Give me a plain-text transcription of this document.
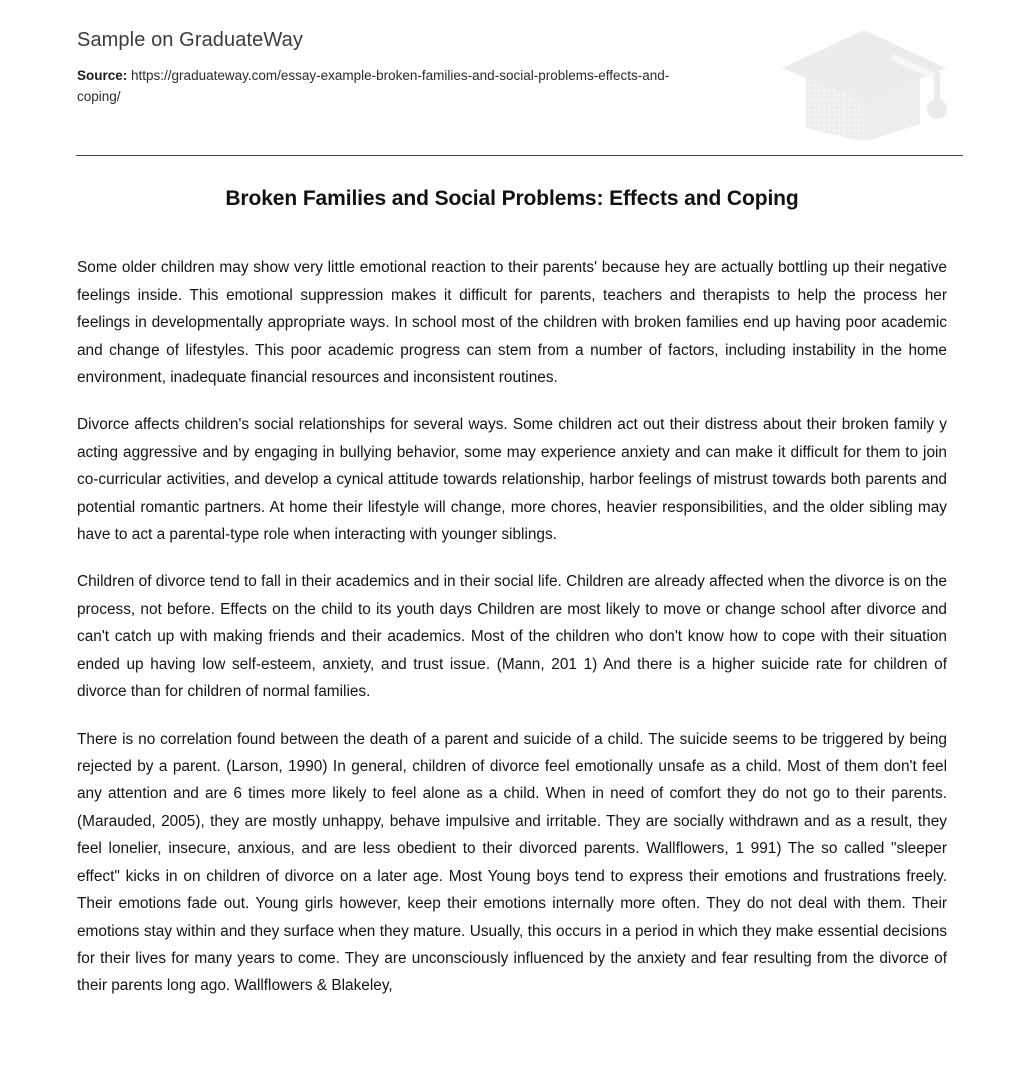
Sample on GraduateWay
Source: https://graduateway.com/essay-example-broken-families-and-social-problems-effects-and-coping/
Broken Families and Social Problems: Effects and Coping

Some older children may show very little emotional reaction to their parents' because hey are actually bottling up their negative feelings inside. This emotional suppression makes it difficult for parents, teachers and therapists to help the process her feelings in developmentally appropriate ways. In school most of the children with broken families end up having poor academic and change of lifestyles. This poor academic progress can stem from a number of factors, including instability in the home environment, inadequate financial resources and inconsistent routines.

Divorce affects children's social relationships for several ways. Some children act out their distress about their broken family y acting aggressive and by engaging in bullying behavior, some may experience anxiety and can make it difficult for them to join co-curricular activities, and develop a cynical attitude towards relationship, harbor feelings of mistrust towards both parents and potential romantic partners. At home their lifestyle will change, more chores, heavier responsibilities, and the older sibling may have to act a parental-type role when interacting with younger siblings.

Children of divorce tend to fall in their academics and in their social life. Children are already affected when the divorce is on the process, not before. Effects on the child to its youth days Children are most likely to move or change school after divorce and can't catch up with making friends and their academics. Most of the children who don't know how to cope with their situation ended up having low self-esteem, anxiety, and trust issue. (Mann, 201 1) And there is a higher suicide rate for children of divorce than for children of normal families.

There is no correlation found between the death of a parent and suicide of a child. The suicide seems to be triggered by being rejected by a parent. (Larson, 1990) In general, children of divorce feel emotionally unsafe as a child. Most of them don't feel any attention and are 6 times more likely to feel alone as a child. When in need of comfort they do not go to their parents. (Marauded, 2005), they are mostly unhappy, behave impulsive and irritable. They are socially withdrawn and as a result, they feel lonelier, insecure, anxious, and are less obedient to their divorced parents. Wallflowers, 1 991) The so called "sleeper effect" kicks in on children of divorce on a later age. Most Young boys tend to express their emotions and frustrations freely. Their emotions fade out. Young girls however, keep their emotions internally more often. They do not deal with them. Their emotions stay within and they surface when they mature. Usually, this occurs in a period in which they make essential decisions for their lives for many years to come. They are unconsciously influenced by the anxiety and fear resulting from the divorce of their parents long ago. Wallflowers & Blakeley,
